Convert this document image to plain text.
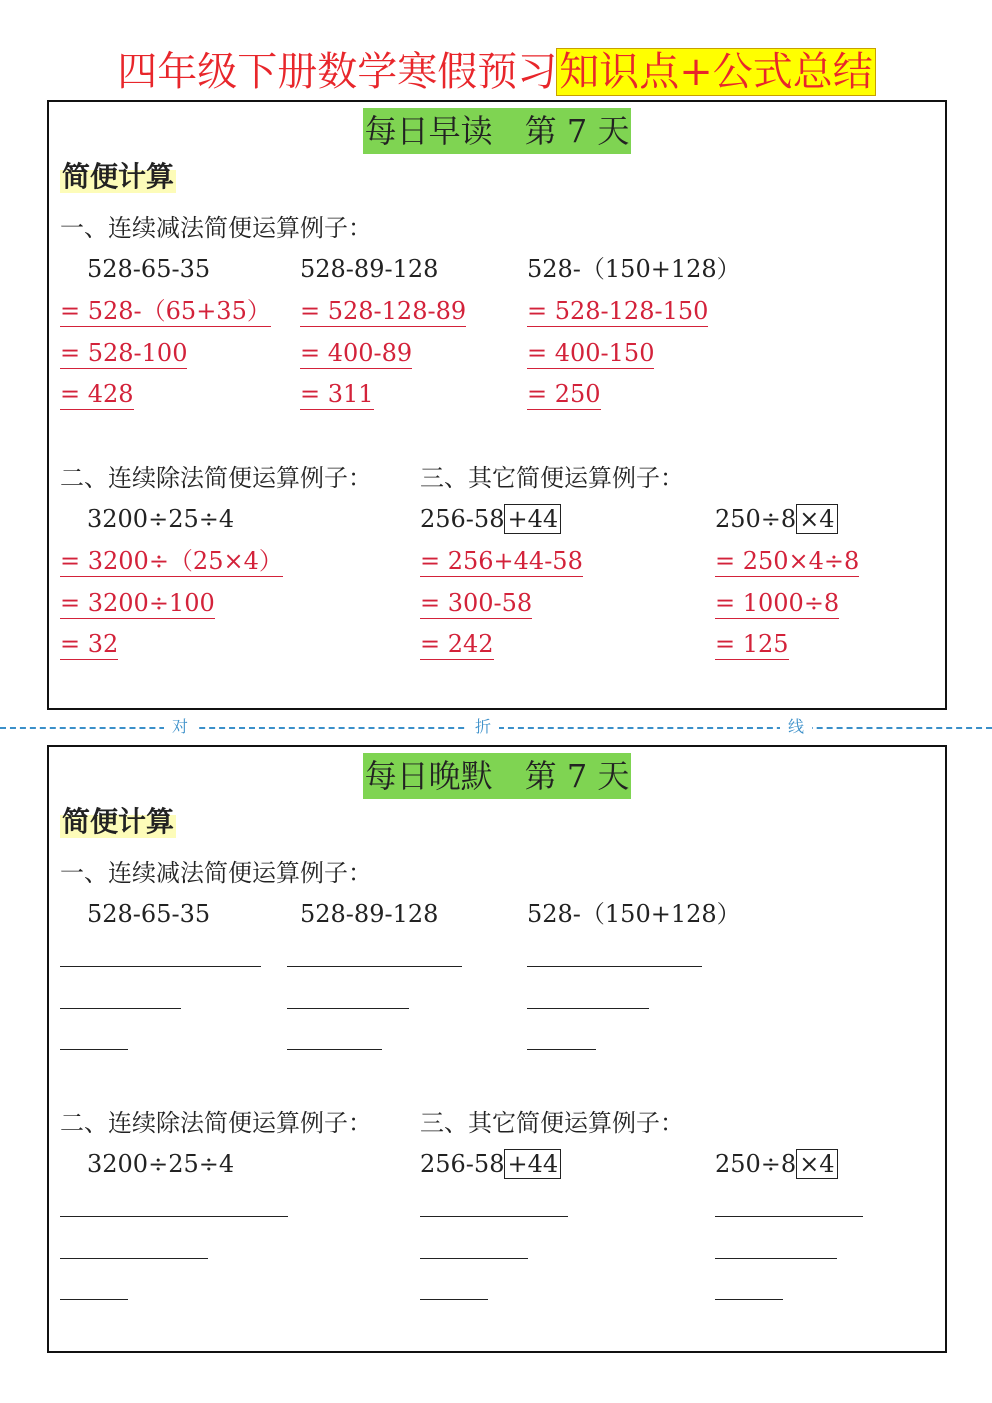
四年级下册数学寒假预习知识点+公式总结
每日早读　第 7 天
简便计算
一、连续减法简便运算例子：
528-65-35
= 528-（65+35）
= 528-100
= 428
528-89-128
= 528-128-89
= 400-89
= 311
528-（150+128）
= 528-128-150
= 400-150
= 250
二、连续除法简便运算例子： 三、其它简便运算例子：
3200÷25÷4
= 3200÷（25×4）
= 3200÷100
= 32
256-58 +44
= 256+44-58
= 300-58
= 242
250÷8 ×4
= 250×4÷8
= 1000÷8
= 125
对	折	线
每日晚默　第 7 天
简便计算
一、连续减法简便运算例子：
528-65-35	528-89-128	528-（150+128）
二、连续除法简便运算例子： 三、其它简便运算例子：
3200÷25÷4	256-58 +44	250÷8 ×4
